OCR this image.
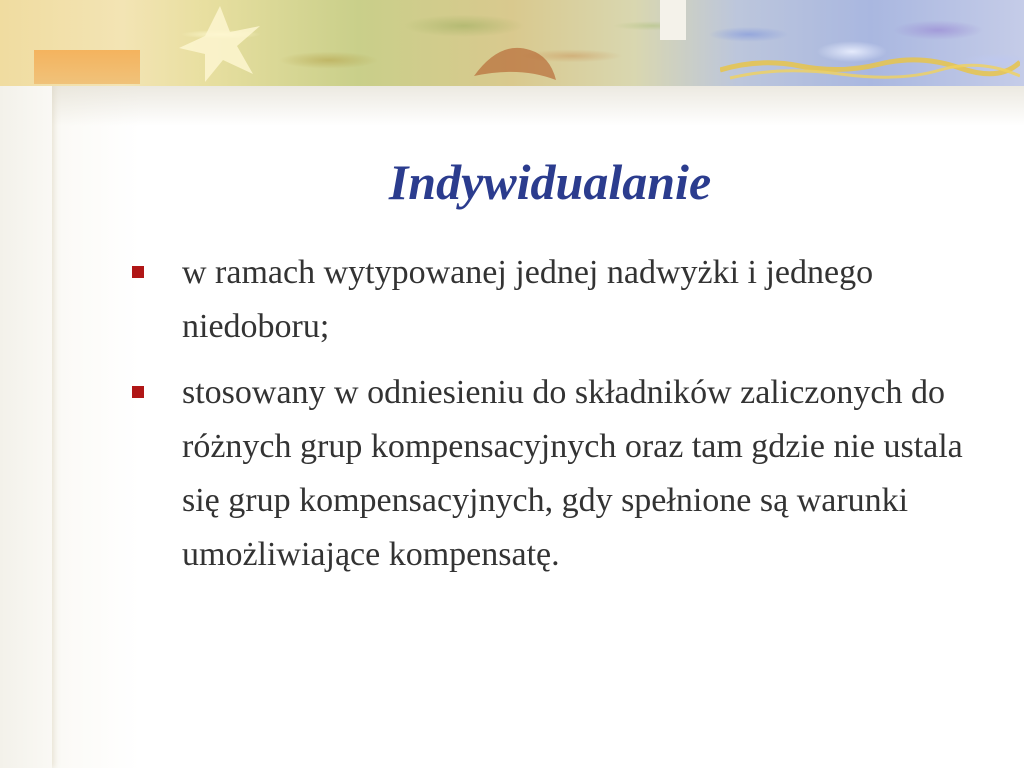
Indywidualanie
w ramach wytypowanej jednej nadwyżki i jednego niedoboru;
stosowany w odniesieniu do składników zaliczonych do różnych grup kompensacyjnych oraz tam gdzie nie ustala się grup kompensacyjnych, gdy spełnione są warunki umożliwiające kompensatę.
